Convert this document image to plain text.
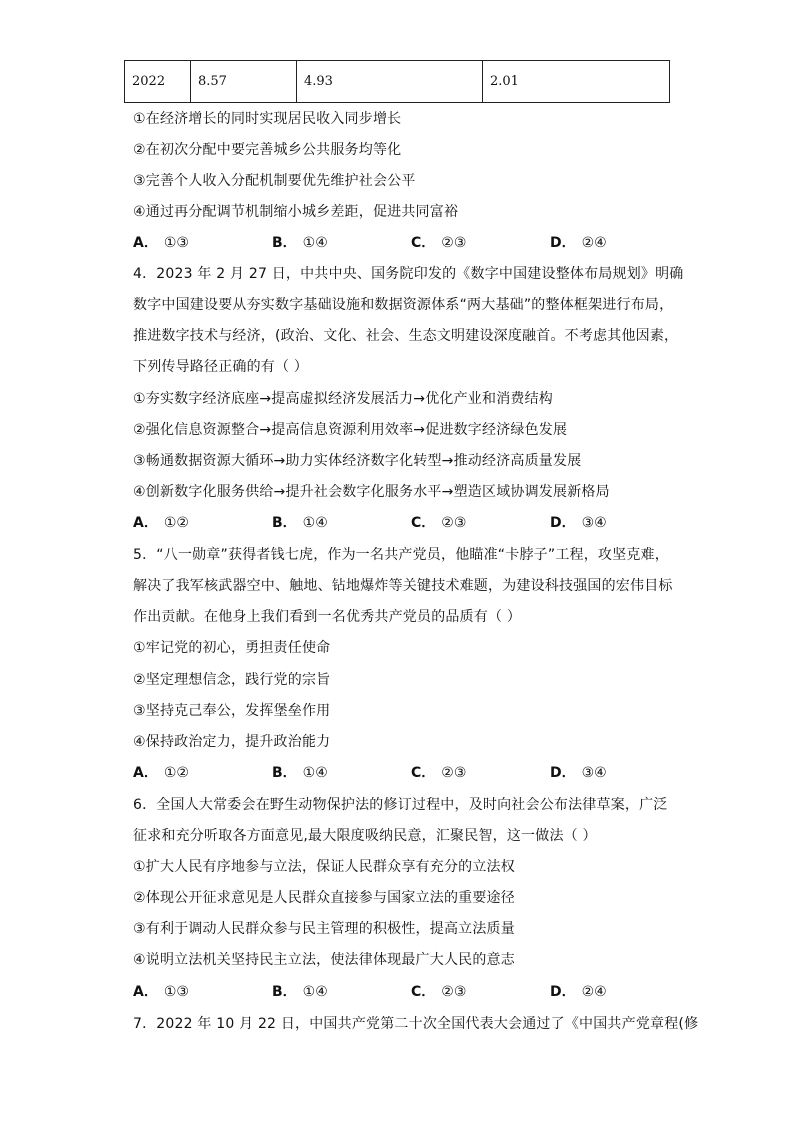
2022	8.57	4.93	2.01
①在经济增长的同时实现居民收入同步增长
②在初次分配中要完善城乡公共服务均等化
③完善个人收入分配机制要优先维护社会公平
④通过再分配调节机制缩小城乡差距，促进共同富裕
A． ①③	B． ①④	C． ②③	D． ②④
4．2023 年 2 月 27 日，中共中央、国务院印发的《数字中国建设整体布局规划》明确
数字中国建设要从夯实数字基础设施和数据资源体系“两大基础”的整体框架进行布局，
推进数字技术与经济，(政治、文化、社会、生态文明建设深度融首。不考虑其他因素，
下列传导路径正确的有（ ）
①夯实数字经济底座→提高虚拟经济发展活力→优化产业和消费结构
②强化信息资源整合→提高信息资源利用效率→促进数字经济绿色发展
③畅通数据资源大循环→助力实体经济数字化转型→推动经济高质量发展
④创新数字化服务供给→提升社会数字化服务水平→塑造区域协调发展新格局
A． ①②	B． ①④	C． ②③	D． ③④
5．“八一勋章”获得者钱七虎，作为一名共产党员，他瞄准“卡脖子”工程，攻坚克难，
解决了我军核武器空中、触地、钻地爆炸等关键技术难题，为建设科技强国的宏伟目标
作出贡献。在他身上我们看到一名优秀共产党员的品质有（ ）
①牢记党的初心，勇担责任使命
②坚定理想信念，践行党的宗旨
③坚持克己奉公，发挥堡垒作用
④保持政治定力，提升政治能力
A． ①②	B． ①④	C． ②③	D． ③④
6．全国人大常委会在野生动物保护法的修订过程中，及时向社会公布法律草案，广泛
征求和充分听取各方面意见,最大限度吸纳民意，汇聚民智，这一做法（ ）
①扩大人民有序地参与立法，保证人民群众享有充分的立法权
②体现公开征求意见是人民群众直接参与国家立法的重要途径
③有利于调动人民群众参与民主管理的积极性，提高立法质量
④说明立法机关坚持民主立法，使法律体现最广大人民的意志
A． ①③	B． ①④	C． ②③	D． ②④
7．2022 年 10 月 22 日，中国共产党第二十次全国代表大会通过了《中国共产党章程(修
